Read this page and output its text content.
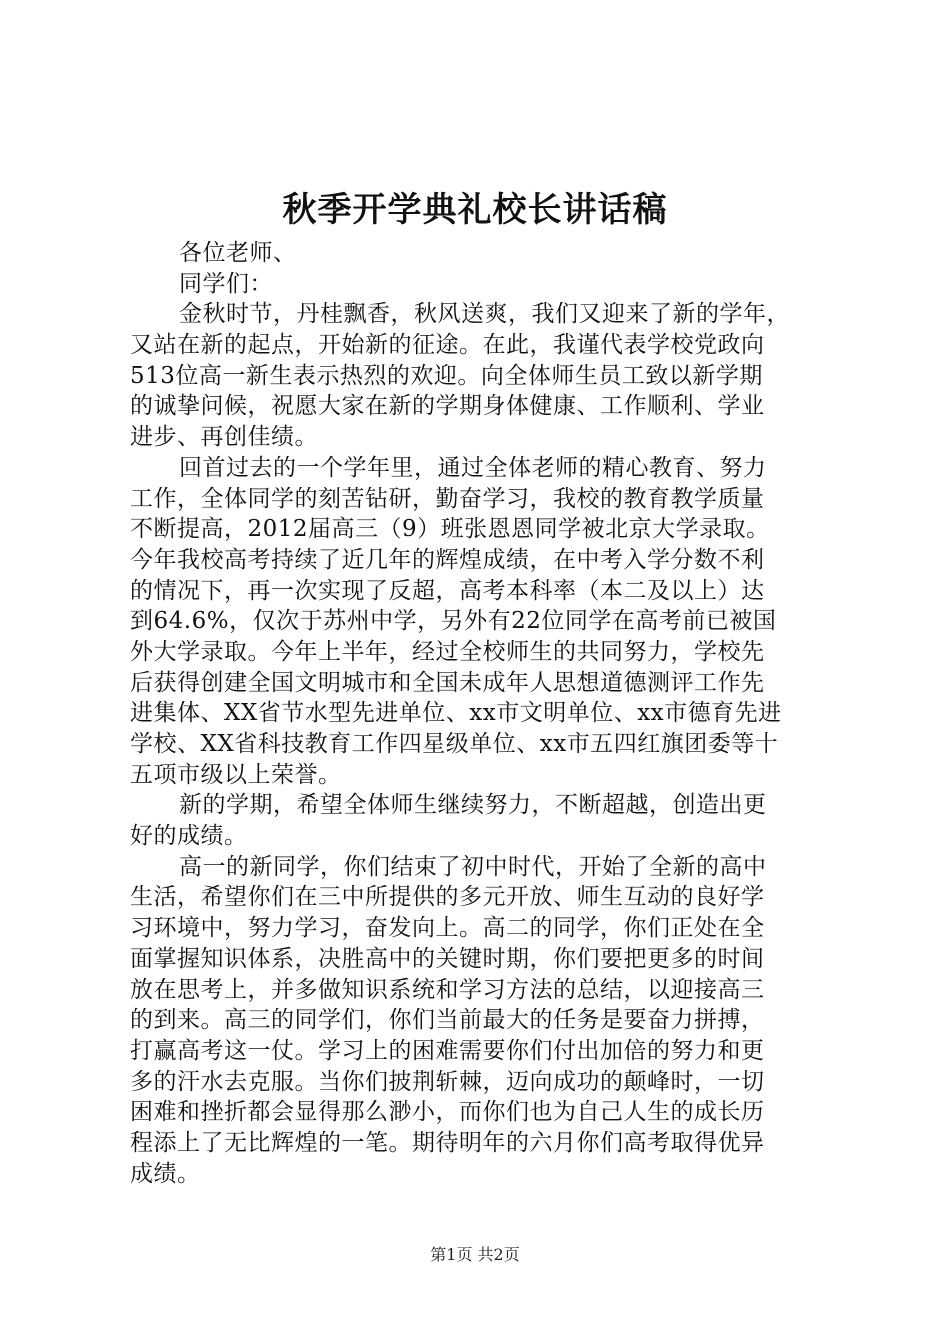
秋季开学典礼校长讲话稿
各位老师、
同学们：
金秋时节，丹桂飘香，秋风送爽，我们又迎来了新的学年，
又站在新的起点，开始新的征途。在此，我谨代表学校党政向
513位高一新生表示热烈的欢迎。向全体师生员工致以新学期
的诚挚问候，祝愿大家在新的学期身体健康、工作顺利、学业
进步、再创佳绩。
回首过去的一个学年里，通过全体老师的精心教育、努力
工作，全体同学的刻苦钻研，勤奋学习，我校的教育教学质量
不断提高，2012届高三（9）班张恩恩同学被北京大学录取。
今年我校高考持续了近几年的辉煌成绩，在中考入学分数不利
的情况下，再一次实现了反超，高考本科率（本二及以上）达
到64.6%，仅次于苏州中学，另外有22位同学在高考前已被国
外大学录取。今年上半年，经过全校师生的共同努力，学校先
后获得创建全国文明城市和全国未成年人思想道德测评工作先
进集体、XX省节水型先进单位、xx市文明单位、xx市德育先进
学校、XX省科技教育工作四星级单位、xx市五四红旗团委等十
五项市级以上荣誉。
新的学期，希望全体师生继续努力，不断超越，创造出更
好的成绩。
高一的新同学，你们结束了初中时代，开始了全新的高中
生活，希望你们在三中所提供的多元开放、师生互动的良好学
习环境中，努力学习，奋发向上。高二的同学，你们正处在全
面掌握知识体系，决胜高中的关键时期，你们要把更多的时间
放在思考上，并多做知识系统和学习方法的总结，以迎接高三
的到来。高三的同学们，你们当前最大的任务是要奋力拼搏，
打赢高考这一仗。学习上的困难需要你们付出加倍的努力和更
多的汗水去克服。当你们披荆斩棘，迈向成功的颠峰时，一切
困难和挫折都会显得那么渺小，而你们也为自己人生的成长历
程添上了无比辉煌的一笔。期待明年的六月你们高考取得优异
成绩。
第1页 共2页
